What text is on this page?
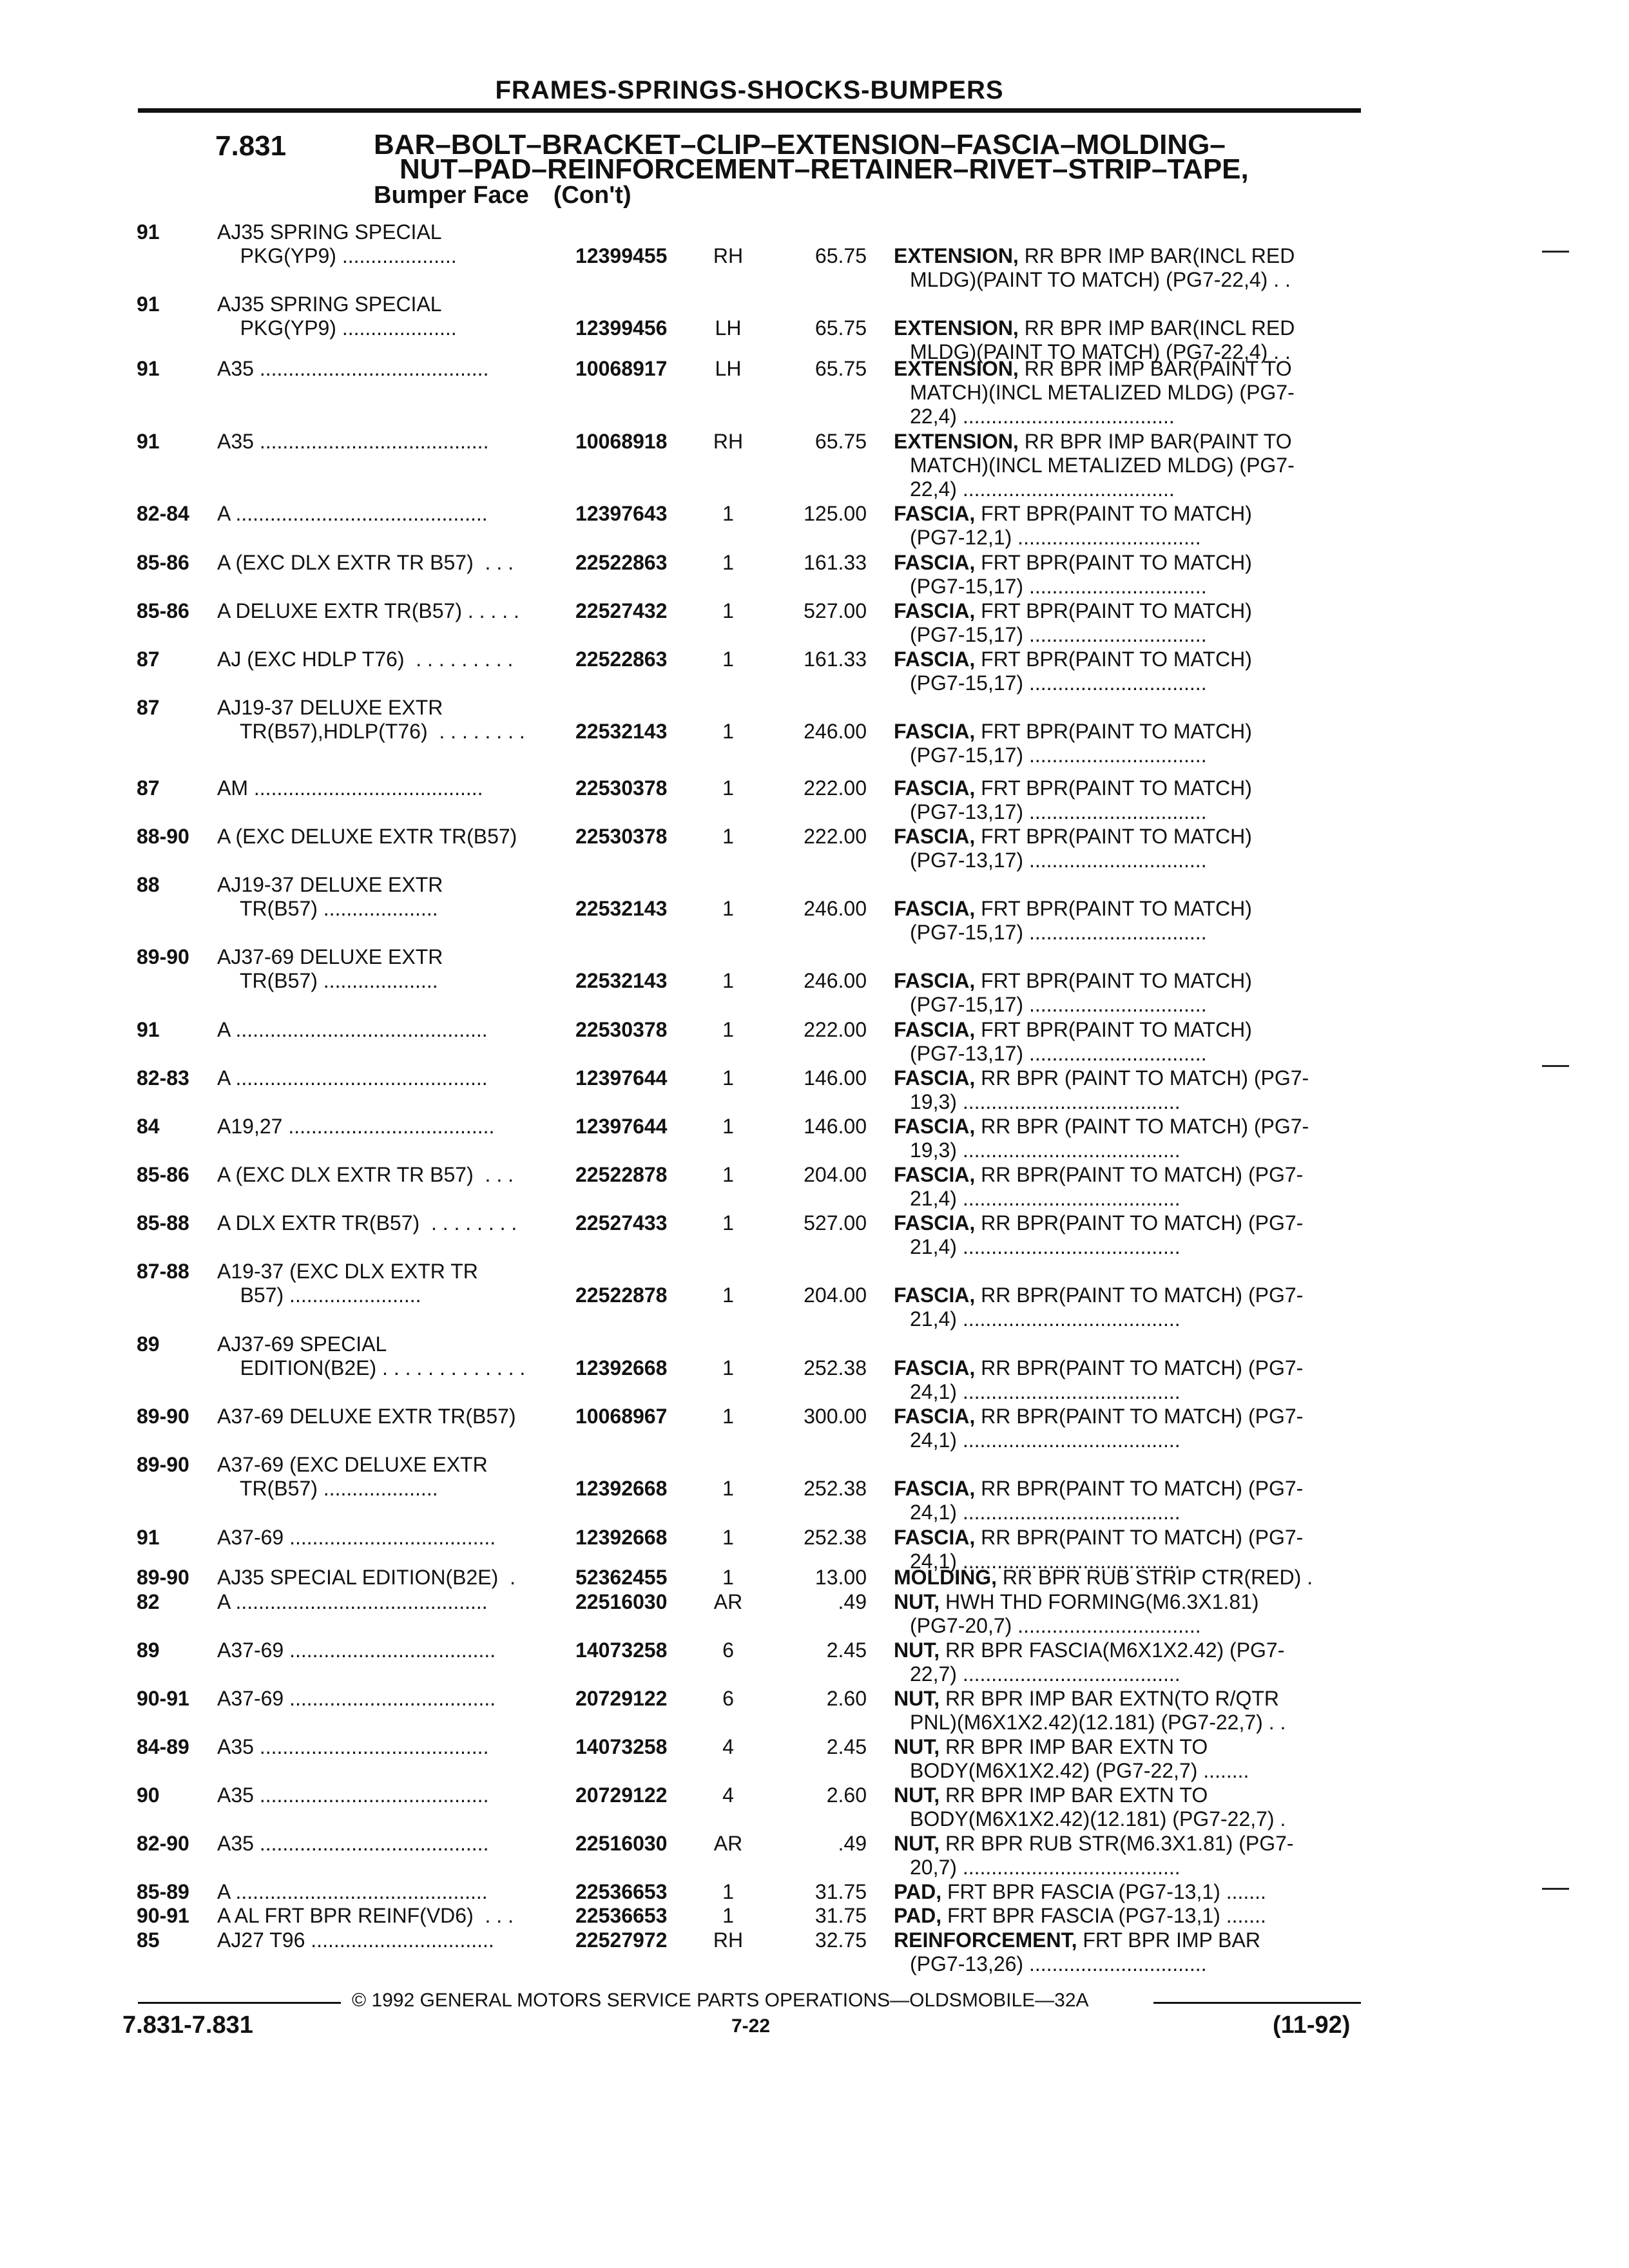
FRAMES-SPRINGS-SHOCKS-BUMPERS
7.831	BAR–BOLT–BRACKET–CLIP–EXTENSION–FASCIA–MOLDING–
NUT–PAD–REINFORCEMENT–RETAINER–RIVET–STRIP–TAPE,
Bumper Face (Con't)
91	AJ35 SPRING SPECIAL
PKG(YP9) ....................	12399455	RH	65.75 EXTENSION, RR BPR IMP BAR(INCL RED
MLDG)(PAINT TO MATCH) (PG7-22,4) . .
91	AJ35 SPRING SPECIAL
PKG(YP9) ....................	12399456	LH	65.75 EXTENSION, RR BPR IMP BAR(INCL RED
MLDG)(PAINT TO MATCH) (PG7-22,4) . .
91	A35 ........................................	10068917	LH	65.75 EXTENSION, RR BPR IMP BAR(PAINT TO
MATCH)(INCL METALIZED MLDG) (PG7-
22,4) .....................................
91	A35 ........................................	10068918	RH	65.75 EXTENSION, RR BPR IMP BAR(PAINT TO
MATCH)(INCL METALIZED MLDG) (PG7-
22,4) .....................................
82-84 A ............................................	12397643	1	125.00 FASCIA, FRT BPR(PAINT TO MATCH)
(PG7-12,1) ................................
85-86 A (EXC DLX EXTR TR B57)  . . .	22522863	1	161.33 FASCIA, FRT BPR(PAINT TO MATCH)
(PG7-15,17) ...............................
85-86 A DELUXE EXTR TR(B57) . . . . .	22527432	1	527.00 FASCIA, FRT BPR(PAINT TO MATCH)
(PG7-15,17) ...............................
87	AJ (EXC HDLP T76)  . . . . . . . . .	22522863	1	161.33 FASCIA, FRT BPR(PAINT TO MATCH)
(PG7-15,17) ...............................
87	AJ19-37 DELUXE EXTR
TR(B57),HDLP(T76)  . . . . . . . .	22532143	1	246.00 FASCIA, FRT BPR(PAINT TO MATCH)
(PG7-15,17) ...............................
87	AM ........................................	22530378	1	222.00 FASCIA, FRT BPR(PAINT TO MATCH)
(PG7-13,17) ...............................
88-90 A (EXC DELUXE EXTR TR(B57)	22530378	1	222.00 FASCIA, FRT BPR(PAINT TO MATCH)
(PG7-13,17) ...............................
88	AJ19-37 DELUXE EXTR
TR(B57) ....................	22532143	1	246.00 FASCIA, FRT BPR(PAINT TO MATCH)
(PG7-15,17) ...............................
89-90 AJ37-69 DELUXE EXTR
TR(B57) ....................	22532143	1	246.00 FASCIA, FRT BPR(PAINT TO MATCH)
(PG7-15,17) ...............................
91	A ............................................	22530378	1	222.00 FASCIA, FRT BPR(PAINT TO MATCH)
(PG7-13,17) ...............................
82-83 A ............................................	12397644	1	146.00 FASCIA, RR BPR (PAINT TO MATCH) (PG7-
19,3) ......................................
84	A19,27 ....................................	12397644	1	146.00 FASCIA, RR BPR (PAINT TO MATCH) (PG7-
19,3) ......................................
85-86 A (EXC DLX EXTR TR B57)  . . .	22522878	1	204.00 FASCIA, RR BPR(PAINT TO MATCH) (PG7-
21,4) ......................................
85-88 A DLX EXTR TR(B57)  . . . . . . . .	22527433	1	527.00 FASCIA, RR BPR(PAINT TO MATCH) (PG7-
21,4) ......................................
87-88 A19-37 (EXC DLX EXTR TR
B57) .......................	22522878	1	204.00 FASCIA, RR BPR(PAINT TO MATCH) (PG7-
21,4) ......................................
89	AJ37-69 SPECIAL
EDITION(B2E) . . . . . . . . . . . . .	12392668	1	252.38 FASCIA, RR BPR(PAINT TO MATCH) (PG7-
24,1) ......................................
89-90 A37-69 DELUXE EXTR TR(B57)	10068967	1	300.00 FASCIA, RR BPR(PAINT TO MATCH) (PG7-
24,1) ......................................
89-90 A37-69 (EXC DELUXE EXTR
TR(B57) ....................	12392668	1	252.38 FASCIA, RR BPR(PAINT TO MATCH) (PG7-
24,1) ......................................
91	A37-69 ....................................	12392668	1	252.38 FASCIA, RR BPR(PAINT TO MATCH) (PG7-
24,1) ......................................
89-90 AJ35 SPECIAL EDITION(B2E)  .	52362455	1	13.00 MOLDING, RR BPR RUB STRIP CTR(RED) .
82	A ............................................	22516030	AR	.49 NUT, HWH THD FORMING(M6.3X1.81)
(PG7-20,7) ................................
89	A37-69 ....................................	14073258	6	2.45 NUT, RR BPR FASCIA(M6X1X2.42) (PG7-
22,7) ......................................
90-91 A37-69 ....................................	20729122	6	2.60 NUT, RR BPR IMP BAR EXTN(TO R/QTR
PNL)(M6X1X2.42)(12.181) (PG7-22,7) . .
84-89 A35 ........................................	14073258	4	2.45 NUT, RR BPR IMP BAR EXTN TO
BODY(M6X1X2.42) (PG7-22,7) ........
90	A35 ........................................	20729122	4	2.60 NUT, RR BPR IMP BAR EXTN TO
BODY(M6X1X2.42)(12.181) (PG7-22,7) .
82-90 A35 ........................................	22516030	AR	.49 NUT, RR BPR RUB STR(M6.3X1.81) (PG7-
20,7) ......................................
85-89 A ............................................	22536653	1	31.75 PAD, FRT BPR FASCIA (PG7-13,1) .......
90-91 A AL FRT BPR REINF(VD6)  . . .	22536653	1	31.75 PAD, FRT BPR FASCIA (PG7-13,1) .......
85	AJ27 T96 ................................	22527972	RH	32.75 REINFORCEMENT, FRT BPR IMP BAR
(PG7-13,26) ...............................
© 1992 GENERAL MOTORS SERVICE PARTS OPERATIONS—OLDSMOBILE—32A
7.831-7.831	7-22	(11-92)
